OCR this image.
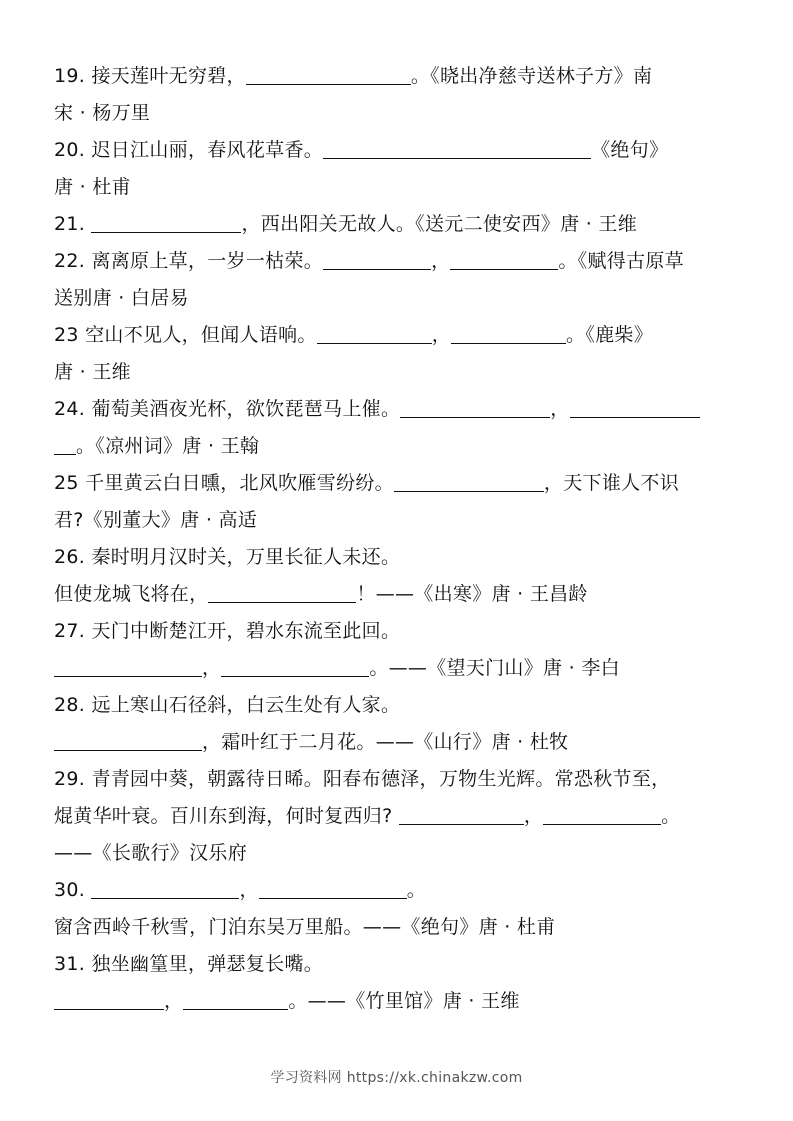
19. 接天莲叶无穷碧，	。《晓出净慈寺送林子方》南
宋 · 杨万里
20. 迟日江山丽，春风花草香。	《绝句》
唐 · 杜甫
21.	，西出阳关无故人。《送元二使安西》唐 · 王维
22. 离离原上草，一岁一枯荣。	，	。《赋得古原草
送别唐 · 白居易
23 空山不见人，但闻人语响。	，	。《鹿柴》
唐 · 王维
24. 葡萄美酒夜光杯，欲饮琵琶马上催。	，
。《凉州词》唐 · 王翰
25 千里黄云白日曛，北风吹雁雪纷纷。	，天下谁人不识
君?《别董大》唐 · 高适
26. 秦时明月汉时关，万里长征人未还。
但使龙城飞将在，	！——《出寒》唐 · 王昌龄
27. 天门中断楚江开，碧水东流至此回。
，	。——《望天门山》唐 · 李白
28. 远上寒山石径斜，白云生处有人家。
，霜叶红于二月花。——《山行》唐 · 杜牧
29. 青青园中葵，朝露待日晞。阳春布德泽，万物生光辉。常恐秋节至，
焜黄华叶衰。百川东到海，何时复西归?	，	。
——《长歌行》汉乐府
30.	，	。
窗含西岭千秋雪，门泊东吴万里船。——《绝句》唐 · 杜甫
31. 独坐幽篁里，弹瑟复长嘴。
，	。——《竹里馆》唐 · 王维
学习资料网 https://xk.chinakzw.com
